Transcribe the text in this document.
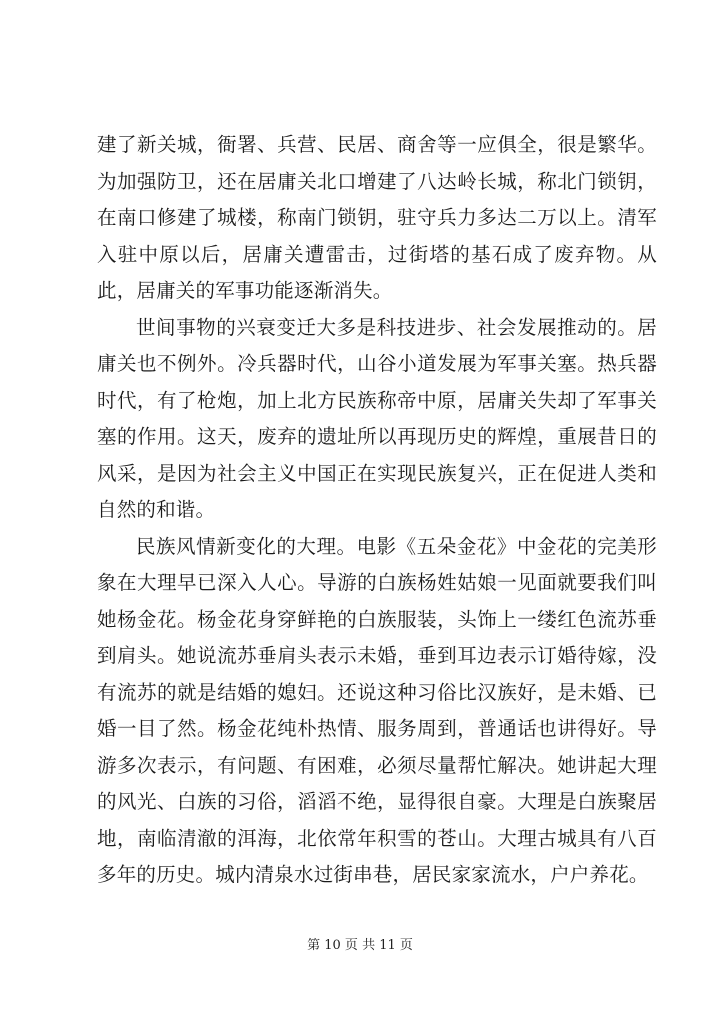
建了新关城，衙署、兵营、民居、商舍等一应俱全，很是繁华。为加强防卫，还在居庸关北口增建了八达岭长城，称北门锁钥，在南口修建了城楼，称南门锁钥，驻守兵力多达二万以上。清军入驻中原以后，居庸关遭雷击，过街塔的基石成了废弃物。从此，居庸关的军事功能逐渐消失。

世间事物的兴衰变迁大多是科技进步、社会发展推动的。居庸关也不例外。冷兵器时代，山谷小道发展为军事关塞。热兵器时代，有了枪炮，加上北方民族称帝中原，居庸关失却了军事关塞的作用。这天，废弃的遗址所以再现历史的辉煌，重展昔日的风采，是因为社会主义中国正在实现民族复兴，正在促进人类和自然的和谐。

民族风情新变化的大理。电影《五朵金花》中金花的完美形象在大理早已深入人心。导游的白族杨姓姑娘一见面就要我们叫她杨金花。杨金花身穿鲜艳的白族服装，头饰上一缕红色流苏垂到肩头。她说流苏垂肩头表示未婚，垂到耳边表示订婚待嫁，没有流苏的就是结婚的媳妇。还说这种习俗比汉族好，是未婚、已婚一目了然。杨金花纯朴热情、服务周到，普通话也讲得好。导游多次表示，有问题、有困难，必须尽量帮忙解决。她讲起大理的风光、白族的习俗，滔滔不绝，显得很自豪。大理是白族聚居地，南临清澈的洱海，北依常年积雪的苍山。大理古城具有八百多年的历史。城内清泉水过街串巷，居民家家流水，户户养花。

第 10 页 共 11 页
